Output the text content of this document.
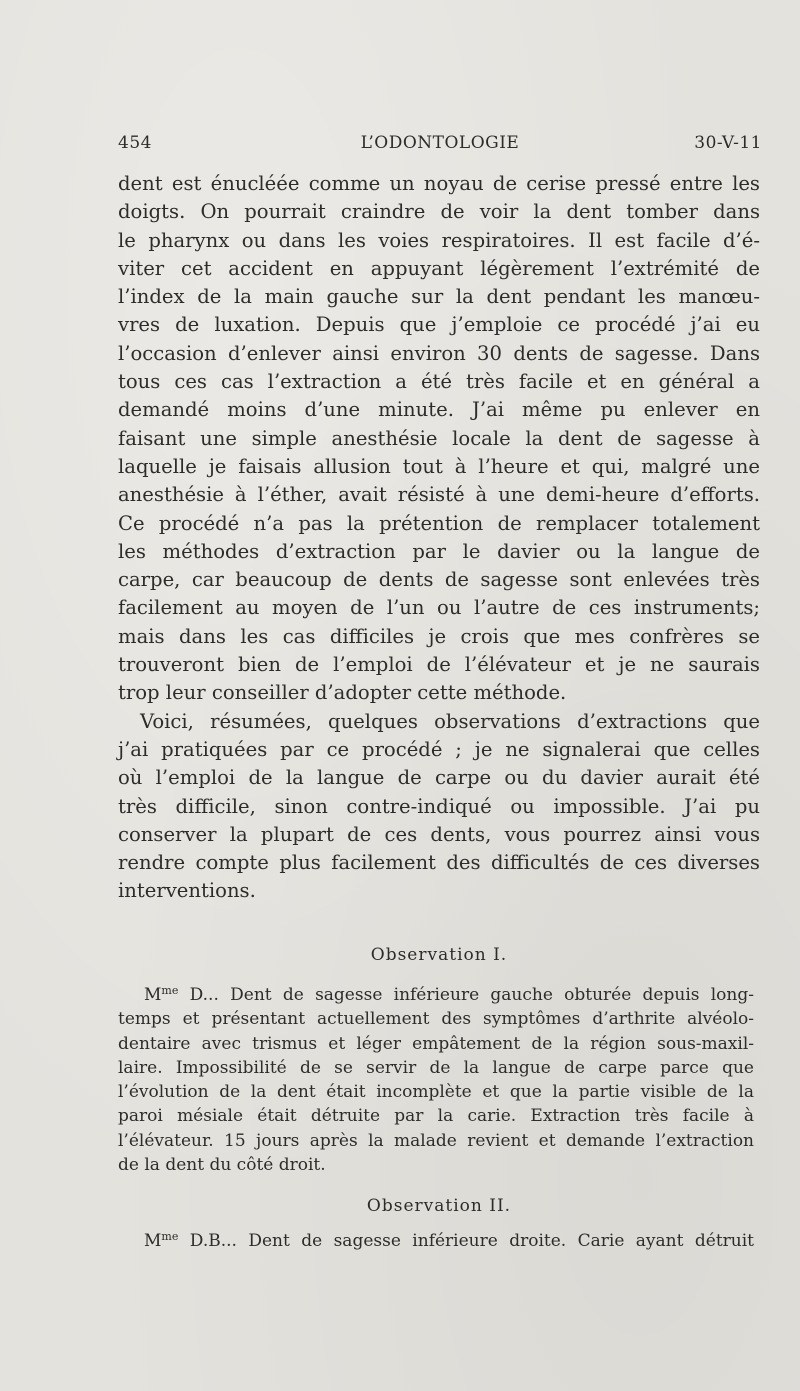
454	L’ODONTOLOGIE	30-V-11
dent est énucléée comme un noyau de cerise pressé entre les
doigts. On pourrait craindre de voir la dent tomber dans
le pharynx ou dans les voies respiratoires. Il est facile d’é-
viter cet accident en appuyant légèrement l’extrémité de
l’index de la main gauche sur la dent pendant les manœu-
vres de luxation. Depuis que j’emploie ce procédé j’ai eu
l’occasion d’enlever ainsi environ 30 dents de sagesse. Dans
tous ces cas l’extraction a été très facile et en général a
demandé moins d’une minute. J’ai même pu enlever en
faisant une simple anesthésie locale la dent de sagesse à
laquelle je faisais allusion tout à l’heure et qui, malgré une
anesthésie à l’éther, avait résisté à une demi-heure d’efforts.
Ce procédé n’a pas la prétention de remplacer totalement
les méthodes d’extraction par le davier ou la langue de
carpe, car beaucoup de dents de sagesse sont enlevées très
facilement au moyen de l’un ou l’autre de ces instruments;
mais dans les cas difficiles je crois que mes confrères se
trouveront bien de l’emploi de l’élévateur et je ne saurais
trop leur conseiller d’adopter cette méthode.
Voici, résumées, quelques observations d’extractions que
j’ai pratiquées par ce procédé ; je ne signalerai que celles
où l’emploi de la langue de carpe ou du davier aurait été
très difficile, sinon contre-indiqué ou impossible. J’ai pu
conserver la plupart de ces dents, vous pourrez ainsi vous
rendre compte plus facilement des difficultés de ces diverses
interventions.
Observation I.
$M^{me}$ D... Dent de sagesse inférieure gauche obturée depuis long-
temps et présentant actuellement des symptômes d’arthrite alvéolo-
dentaire avec trismus et léger empâtement de la région sous-maxil-
laire. Impossibilité de se servir de la langue de carpe parce que
l’évolution de la dent était incomplète et que la partie visible de la
paroi mésiale était détruite par la carie. Extraction très facile à
l’élévateur. 15 jours après la malade revient et demande l’extraction
de la dent du côté droit.
Observation II.
$M^{me}$ D.B... Dent de sagesse inférieure droite. Carie ayant détruit
